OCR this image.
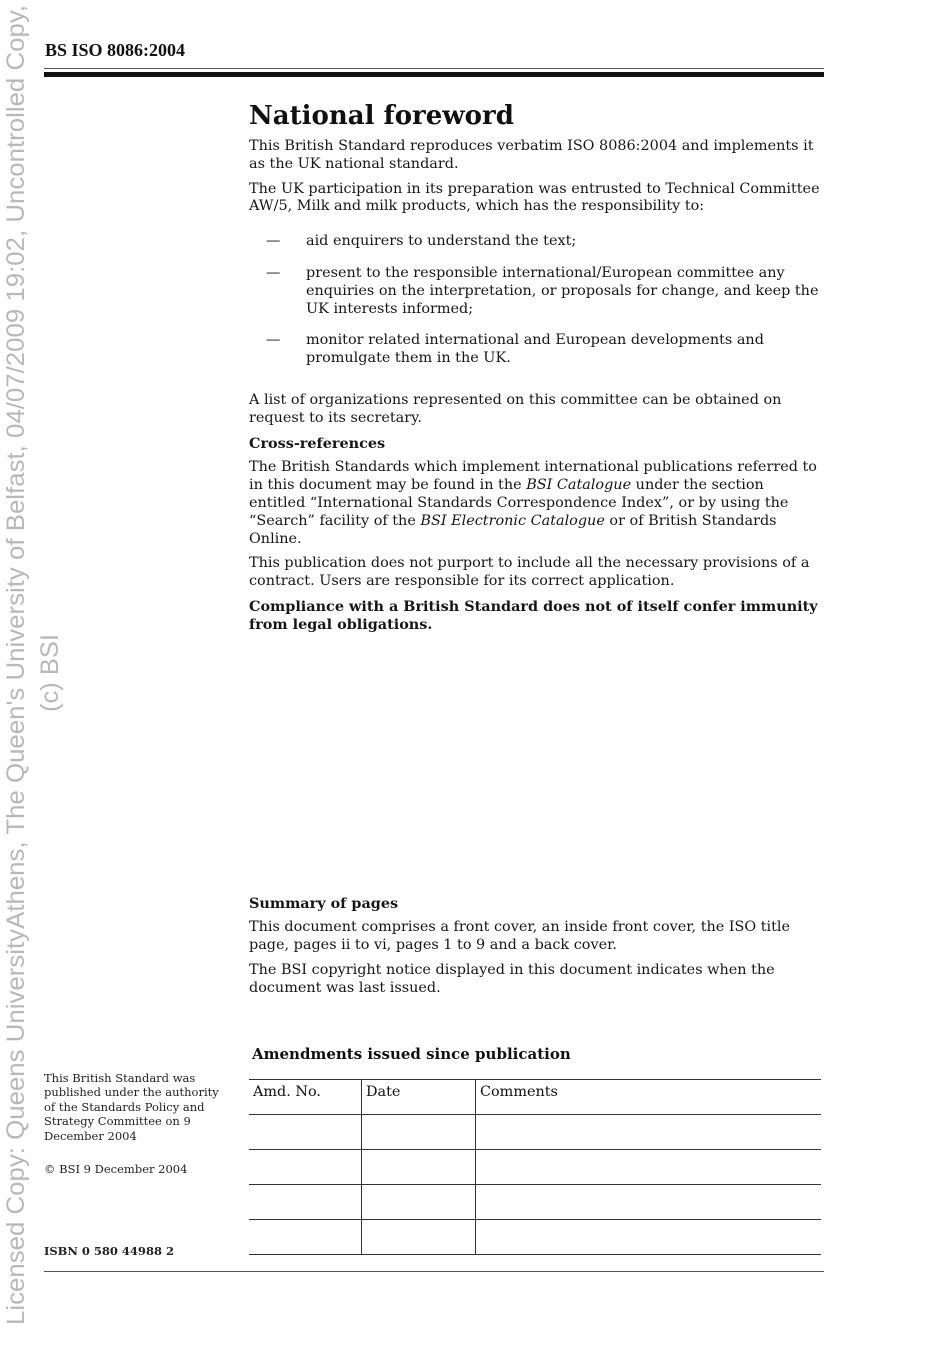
Licensed Copy: Queens UniversityAthens, The Queen's University of Belfast, 04/07/2009 19:02, Uncontrolled Copy, (c) BSI
BS ISO 8086:2004
National foreword

This British Standard reproduces verbatim ISO 8086:2004 and implements it as the UK national standard.

The UK participation in its preparation was entrusted to Technical Committee AW/5, Milk and milk products, which has the responsibility to:

— aid enquirers to understand the text;
— present to the responsible international/European committee any enquiries on the interpretation, or proposals for change, and keep the UK interests informed;
— monitor related international and European developments and promulgate them in the UK.

A list of organizations represented on this committee can be obtained on request to its secretary.

Cross-references

The British Standards which implement international publications referred to in this document may be found in the BSI Catalogue under the section entitled “International Standards Correspondence Index”, or by using the “Search” facility of the BSI Electronic Catalogue or of British Standards Online.

This publication does not purport to include all the necessary provisions of a contract. Users are responsible for its correct application.

Compliance with a British Standard does not of itself confer immunity from legal obligations.

Summary of pages

This document comprises a front cover, an inside front cover, the ISO title page, pages ii to vi, pages 1 to 9 and a back cover.

The BSI copyright notice displayed in this document indicates when the document was last issued.

This British Standard was published under the authority of the Standards Policy and Strategy Committee on 9 December 2004
© BSI 9 December 2004
ISBN 0 580 44988 2
Amendments issued since publication
Amd. No.	Date	Comments
